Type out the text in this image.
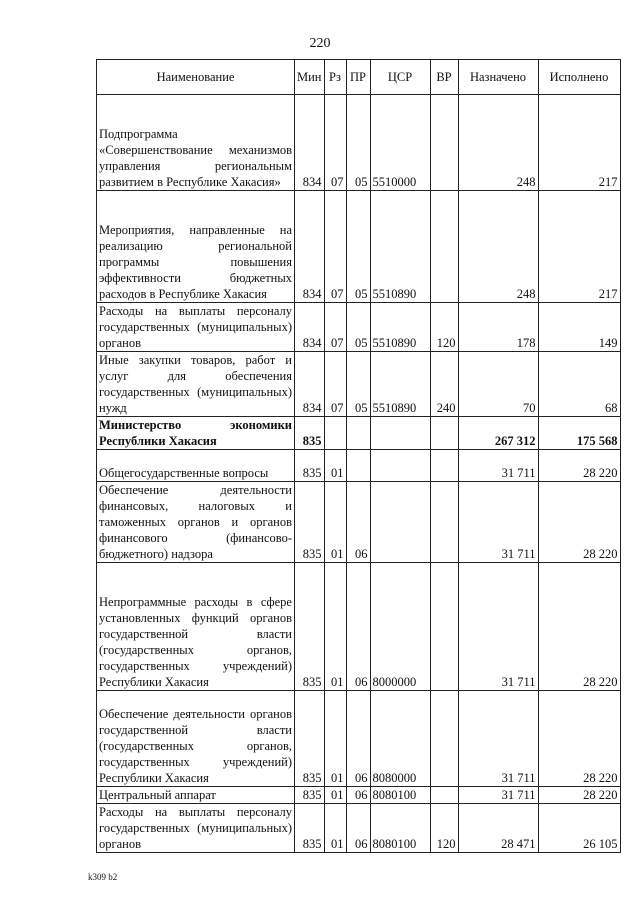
220
Наименование	Мин	Рз	ПР	ЦСР	ВР	Назначено	Исполнено
Подпрограмма «Совершенствование механизмов управления региональным развитием в Республике Хакасия»	834	07	05	5510000		248	217
Мероприятия, направленные на реализацию региональной программы повышения эффективности бюджетных расходов в Республике Хакасия	834	07	05	5510890		248	217
Расходы на выплаты персоналу государственных (муниципальных) органов	834	07	05	5510890	120	178	149
Иные закупки товаров, работ и услуг для обеспечения государственных (муниципальных) нужд	834	07	05	5510890	240	70	68
Министерство экономики Республики Хакасия	835					267 312	175 568
Общегосударственные вопросы	835	01				31 711	28 220
Обеспечение деятельности финансовых, налоговых и таможенных органов и органов финансового (финансово-бюджетного) надзора	835	01	06			31 711	28 220
Непрограммные расходы в сфере установленных функций органов государственной власти (государственных органов, государственных учреждений) Республики Хакасия	835	01	06	8000000		31 711	28 220
Обеспечение деятельности органов государственной власти (государственных органов, государственных учреждений) Республики Хакасия	835	01	06	8080000		31 711	28 220
Центральный аппарат	835	01	06	8080100		31 711	28 220
Расходы на выплаты персоналу государственных (муниципальных) органов	835	01	06	8080100	120	28 471	26 105
k309 b2
